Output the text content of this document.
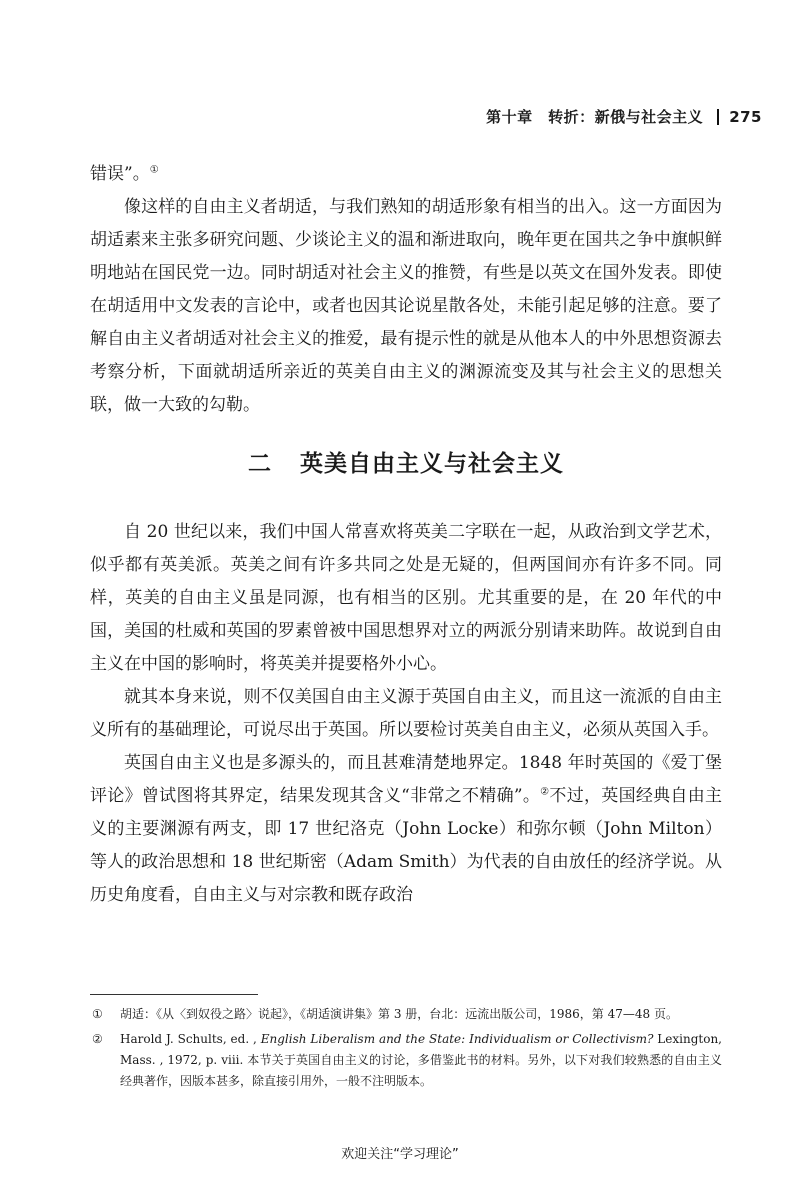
第十章　转折：新俄与社会主义 275

错误”。①

像这样的自由主义者胡适，与我们熟知的胡适形象有相当的出入。这一方面因为胡适素来主张多研究问题、少谈论主义的温和渐进取向，晚年更在国共之争中旗帜鲜明地站在国民党一边。同时胡适对社会主义的推赞，有些是以英文在国外发表。即使在胡适用中文发表的言论中，或者也因其论说星散各处，未能引起足够的注意。要了解自由主义者胡适对社会主义的推爱，最有提示性的就是从他本人的中外思想资源去考察分析，下面就胡适所亲近的英美自由主义的渊源流变及其与社会主义的思想关联，做一大致的勾勒。

二 英美自由主义与社会主义

自 20 世纪以来，我们中国人常喜欢将英美二字联在一起，从政治到文学艺术，似乎都有英美派。英美之间有许多共同之处是无疑的，但两国间亦有许多不同。同样，英美的自由主义虽是同源，也有相当的区别。尤其重要的是，在 20 年代的中国，美国的杜威和英国的罗素曾被中国思想界对立的两派分别请来助阵。故说到自由主义在中国的影响时，将英美并提要格外小心。

就其本身来说，则不仅美国自由主义源于英国自由主义，而且这一流派的自由主义所有的基础理论，可说尽出于英国。所以要检讨英美自由主义，必须从英国入手。

英国自由主义也是多源头的，而且甚难清楚地界定。1848 年时英国的《爱丁堡评论》曾试图将其界定，结果发现其含义“非常之不精确”。②不过，英国经典自由主义的主要渊源有两支，即 17 世纪洛克（John Locke）和弥尔顿（John Milton）等人的政治思想和 18 世纪斯密（Adam Smith）为代表的自由放任的经济学说。从历史角度看，自由主义与对宗教和既存政治

①	胡适：《从〈到奴役之路〉说起》，《胡适演讲集》第 3 册，台北：远流出版公司，1986，第 47—48 页。
②	Harold J. Schults, ed. , English Liberalism and the State: Individualism or Collectivism? Lexington, Mass. , 1972, p. viii. 本节关于英国自由主义的讨论，多借鉴此书的材料。另外，以下对我们较熟悉的自由主义经典著作，因版本甚多，除直接引用外，一般不注明版本。
欢迎关注“学习理论”
